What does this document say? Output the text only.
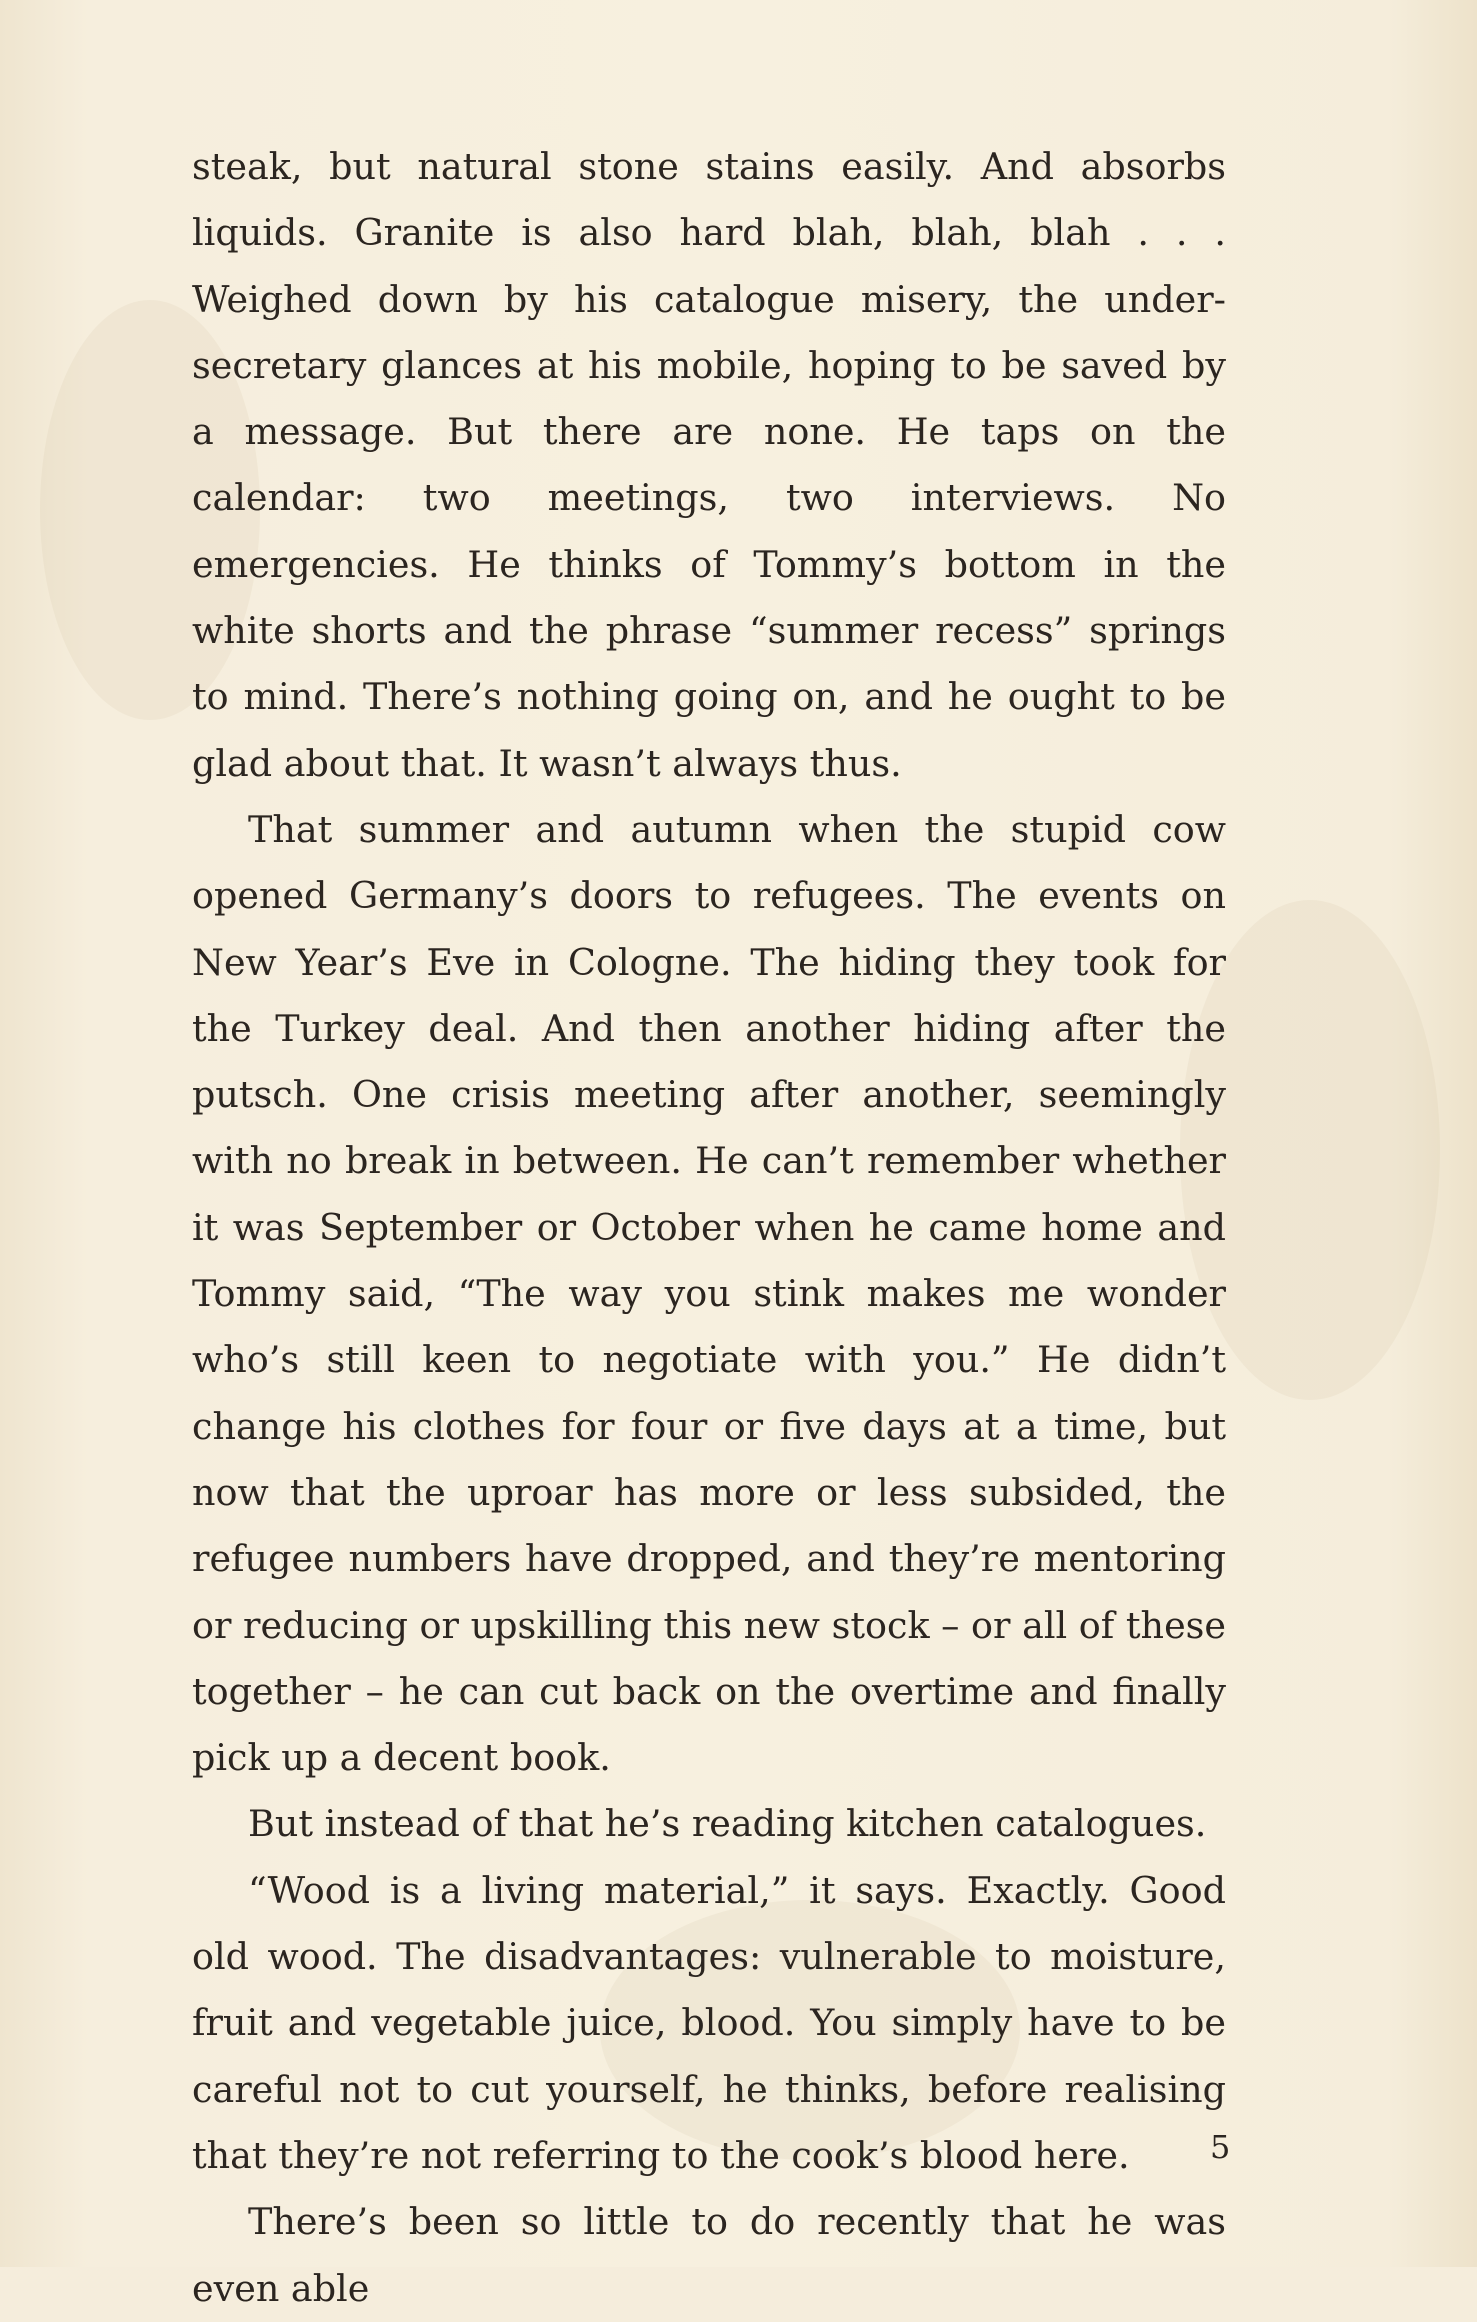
steak, but natural stone stains easily. And absorbs liquids. Granite is also hard blah, blah, blah . . . Weighed down by his catalogue misery, the under-secretary glances at his mobile, hoping to be saved by a message. But there are none. He taps on the calendar: two meetings, two interviews. No emergencies. He thinks of Tommy’s bottom in the white shorts and the phrase “summer recess” springs to mind. There’s nothing going on, and he ought to be glad about that. It wasn’t always thus.

That summer and autumn when the stupid cow opened Germany’s doors to refugees. The events on New Year’s Eve in Cologne. The hiding they took for the Turkey deal. And then another hiding after the putsch. One crisis meeting after another, seemingly with no break in between. He can’t remember whether it was September or October when he came home and Tommy said, “The way you stink makes me wonder who’s still keen to negotiate with you.” He didn’t change his clothes for four or five days at a time, but now that the uproar has more or less subsided, the refugee numbers have dropped, and they’re mentoring or reducing or upskilling this new stock – or all of these together – he can cut back on the overtime and finally pick up a decent book.

But instead of that he’s reading kitchen catalogues.

“Wood is a living material,” it says. Exactly. Good old wood. The disadvantages: vulnerable to moisture, fruit and vegetable juice, blood. You simply have to be careful not to cut yourself, he thinks, before realising that they’re not referring to the cook’s blood here.

There’s been so little to do recently that he was even able

5
